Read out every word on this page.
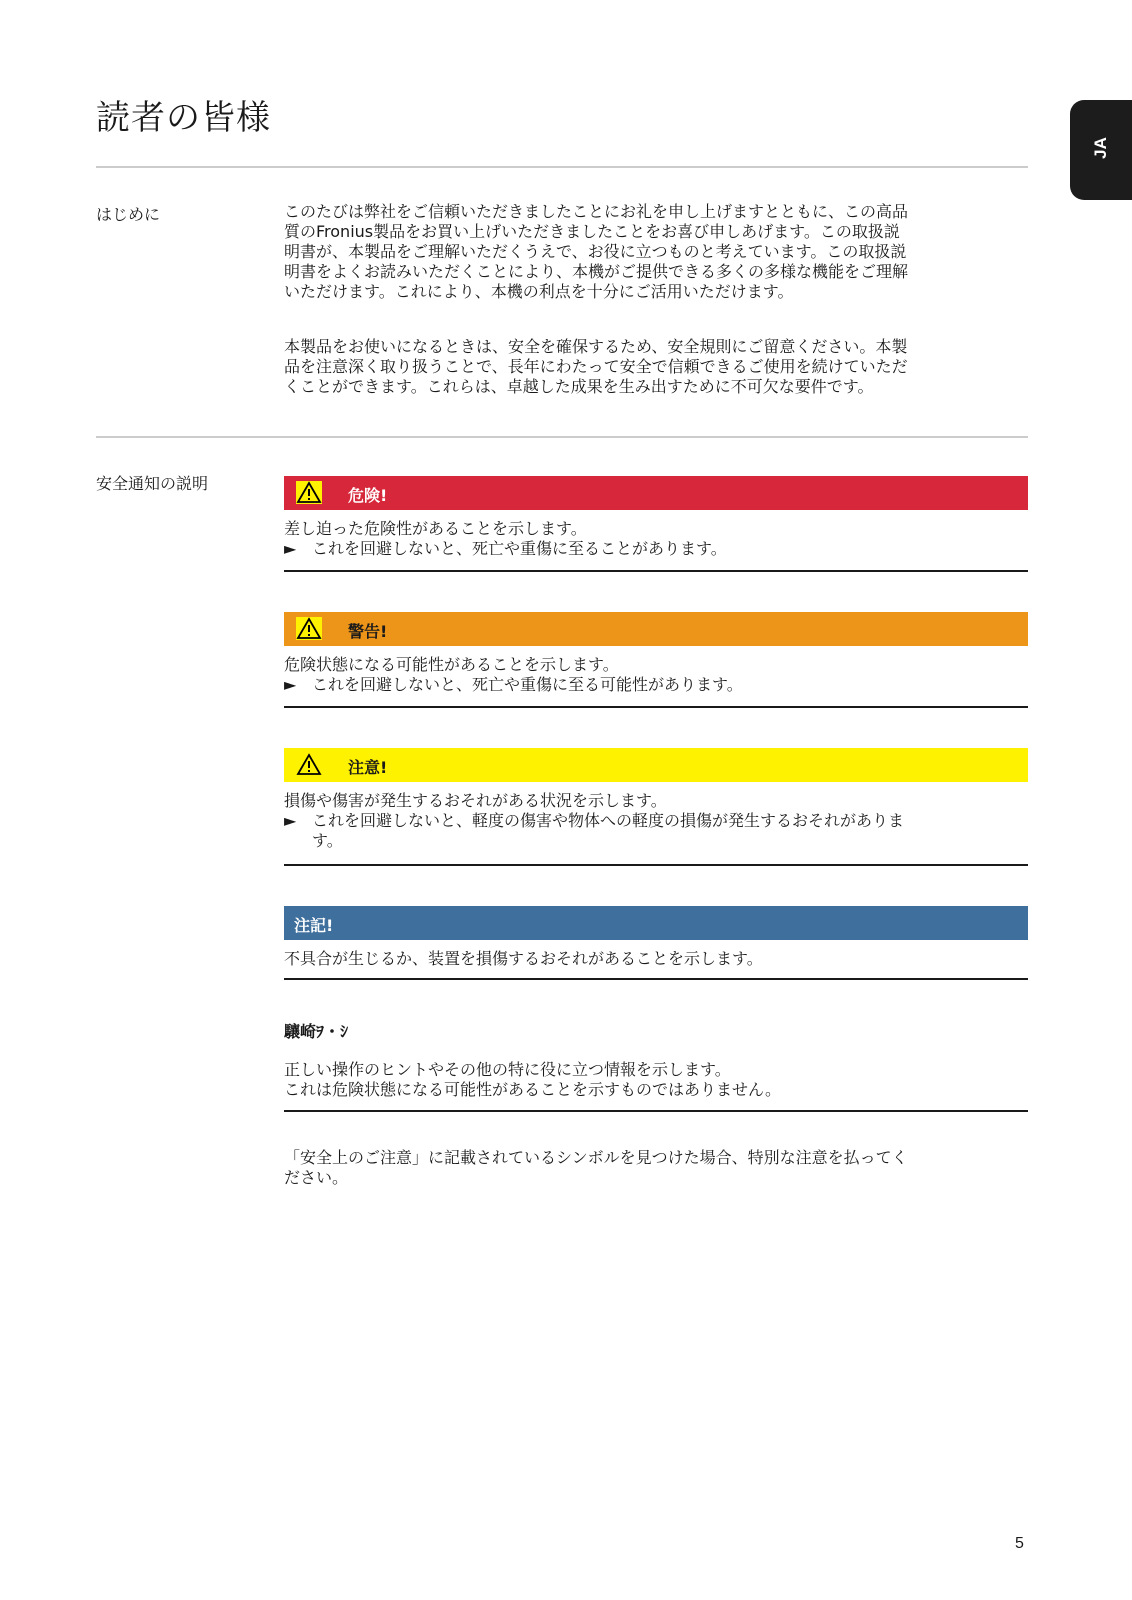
読者の皆様
JA
はじめに	このたびは弊社をご信頼いただきましたことにお礼を申し上げますとともに、この高品

質のFronius製品をお買い上げいただきましたことをお喜び申しあげます。この取扱説

明書が、本製品をご理解いただくうえで、お役に立つものと考えています。この取扱説

明書をよくお読みいただくことにより、本機がご提供できる多くの多様な機能をご理解

いただけます。これにより、本機の利点を十分にご活用いただけます。

本製品をお使いになるときは、安全を確保するため、安全規則にご留意ください。本製

品を注意深く取り扱うことで、長年にわたって安全で信頼できるご使用を続けていただ

くことができます。これらは、卓越した成果を生み出すために不可欠な要件です。

安全通知の説明
危険!
差し迫った危険性があることを示します。
► これを回避しないと、死亡や重傷に至ることがあります。
警告!
危険状態になる可能性があることを示します。
► これを回避しないと、死亡や重傷に至る可能性があります。
注意!
損傷や傷害が発生するおそれがある状況を示します。
► これを回避しないと、軽度の傷害や物体への軽度の損傷が発生するおそれがありま
す。
注記!
不具合が生じるか、装置を損傷するおそれがあることを示します。
驤崎ｦ・ｼ
正しい操作のヒントやその他の特に役に立つ情報を示します。
これは危険状態になる可能性があることを示すものではありません。
「安全上のご注意」に記載されているシンボルを見つけた場合、特別な注意を払ってく
ださい。
5
